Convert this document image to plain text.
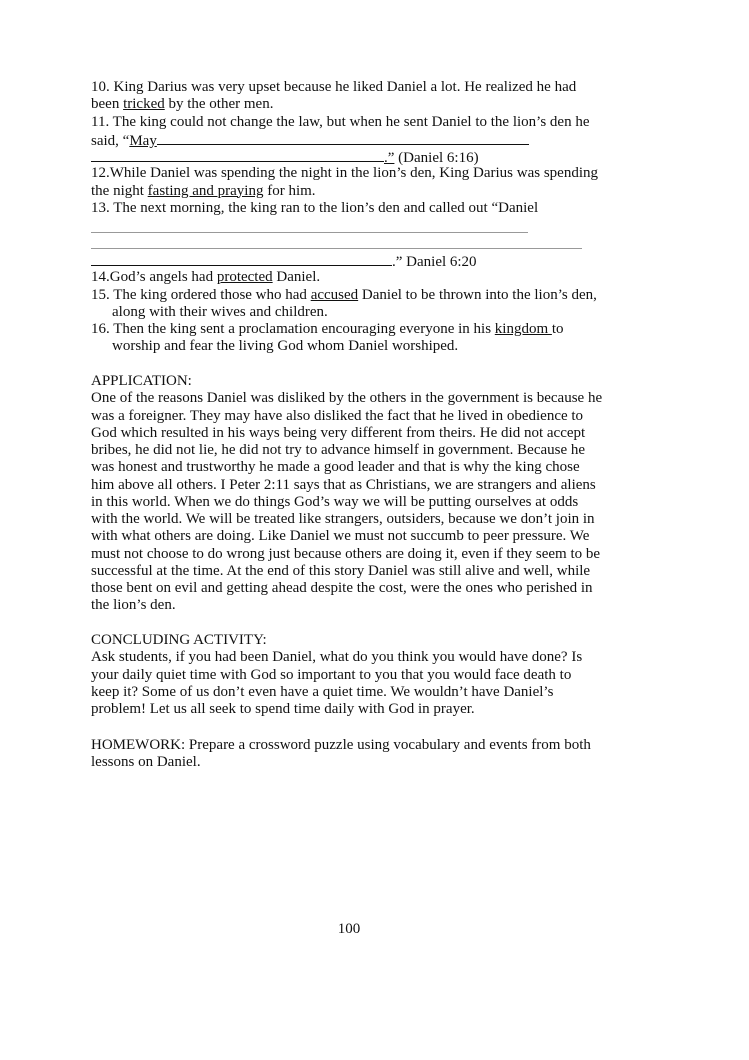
10. King Darius was very upset because he liked Daniel a lot. He realized he had
been tricked by the other men.
11. The king could not change the law, but when he sent Daniel to the lion’s den he
said, “May
.” (Daniel 6:16)
12.While Daniel was spending the night in the lion’s den, King Darius was spending
the night fasting and praying for him.
13. The next morning, the king ran to the lion’s den and called out “Daniel
.” Daniel 6:20
14.God’s angels had protected Daniel.
15. The king ordered those who had accused Daniel to be thrown into the lion’s den,
along with their wives and children.
16. Then the king sent a proclamation encouraging everyone in his kingdom to
worship and fear the living God whom Daniel worshiped.
APPLICATION:
One of the reasons Daniel was disliked by the others in the government is because he
was a foreigner. They may have also disliked the fact that he lived in obedience to
God which resulted in his ways being very different from theirs. He did not accept
bribes, he did not lie, he did not try to advance himself in government. Because he
was honest and trustworthy he made a good leader and that is why the king chose
him above all others. I Peter 2:11 says that as Christians, we are strangers and aliens
in this world. When we do things God’s way we will be putting ourselves at odds
with the world. We will be treated like strangers, outsiders, because we don’t join in
with what others are doing. Like Daniel we must not succumb to peer pressure. We
must not choose to do wrong just because others are doing it, even if they seem to be
successful at the time. At the end of this story Daniel was still alive and well, while
those bent on evil and getting ahead despite the cost, were the ones who perished in
the lion’s den.
CONCLUDING ACTIVITY:
Ask students, if you had been Daniel, what do you think you would have done? Is
your daily quiet time with God so important to you that you would face death to
keep it? Some of us don’t even have a quiet time. We wouldn’t have Daniel’s
problem! Let us all seek to spend time daily with God in prayer.
HOMEWORK: Prepare a crossword puzzle using vocabulary and events from both
lessons on Daniel.
100
